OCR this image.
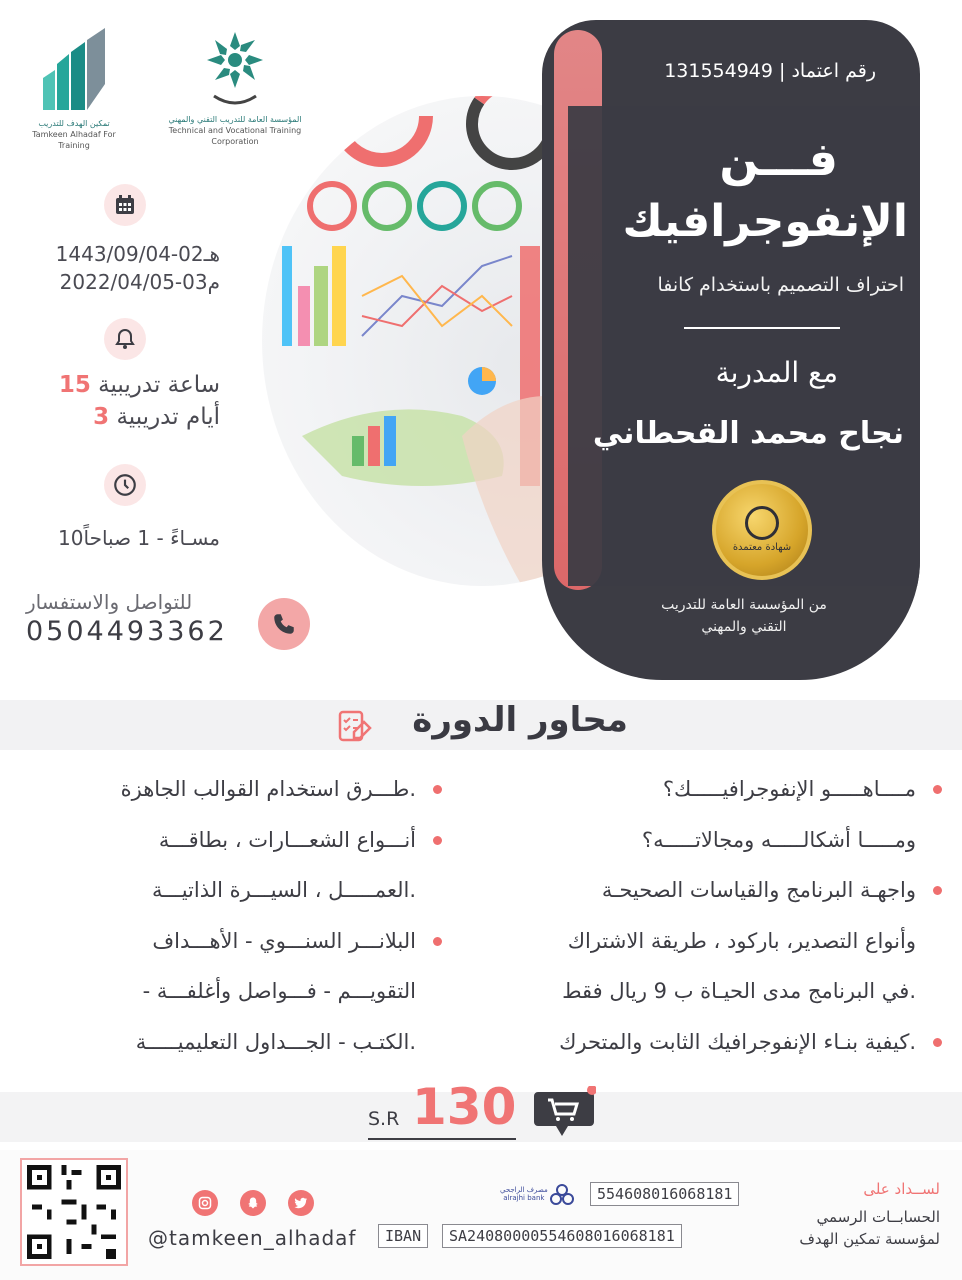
المؤسسة العامة للتدريب التقني والمهني
Technical and Vocational Training Corporation
تمكين الهدف للتدريب
Tamkeen Alhadaf For Training
رقم اعتماد | 131554949
فـــن
الإنفوجرافيك
احتراف التصميم باستخدام كانفا
مع المدربة
نجاح محمد القحطاني
شهادة معتمدة
من المؤسسة العامة للتدريب التقني والمهني
1443/09/04-02هـ
2022/04/05-03م
15 ساعة تدريبية
3 أيام تدريبية
10مسـاءً - 1 صباحاً
للتواصل والاستفسار
0504493362
محاور الدورة
مــــاهـــــو الإنفوجرافيـــــك؟
ومـــــا أشكالـــــه ومجالاتـــــه؟
واجهـة البرنامج والقياسات الصحيحـة
وأنواع التصدير، باركود ، طريقة الاشتراك
في البرنامج مدى الحيـاة ب 9 ريال فقط.
كيفية بنـاء الإنفوجرافيك الثابت والمتحرك.
طـــرق استخدام القوالب الجاهزة.
أنـــواع الشعـــارات ، بطاقـــة
العمـــــل ، السيـــرة الذاتيـــة.
البلانـــر السنـــوي - الأهـــداف
- التقويـــم - فـــواصل وأغلفـــة
الكتـب - الجـــداول التعليميـــــة.
130
S.R
@tamkeen_alhadaf
مصرف الراجحي
alrajhi bank	554608016068181
IBAN	SA2408000055460801606818​1
لســداد على
الحسابــات الرسمي
لمؤسسة تمكين الهدف
